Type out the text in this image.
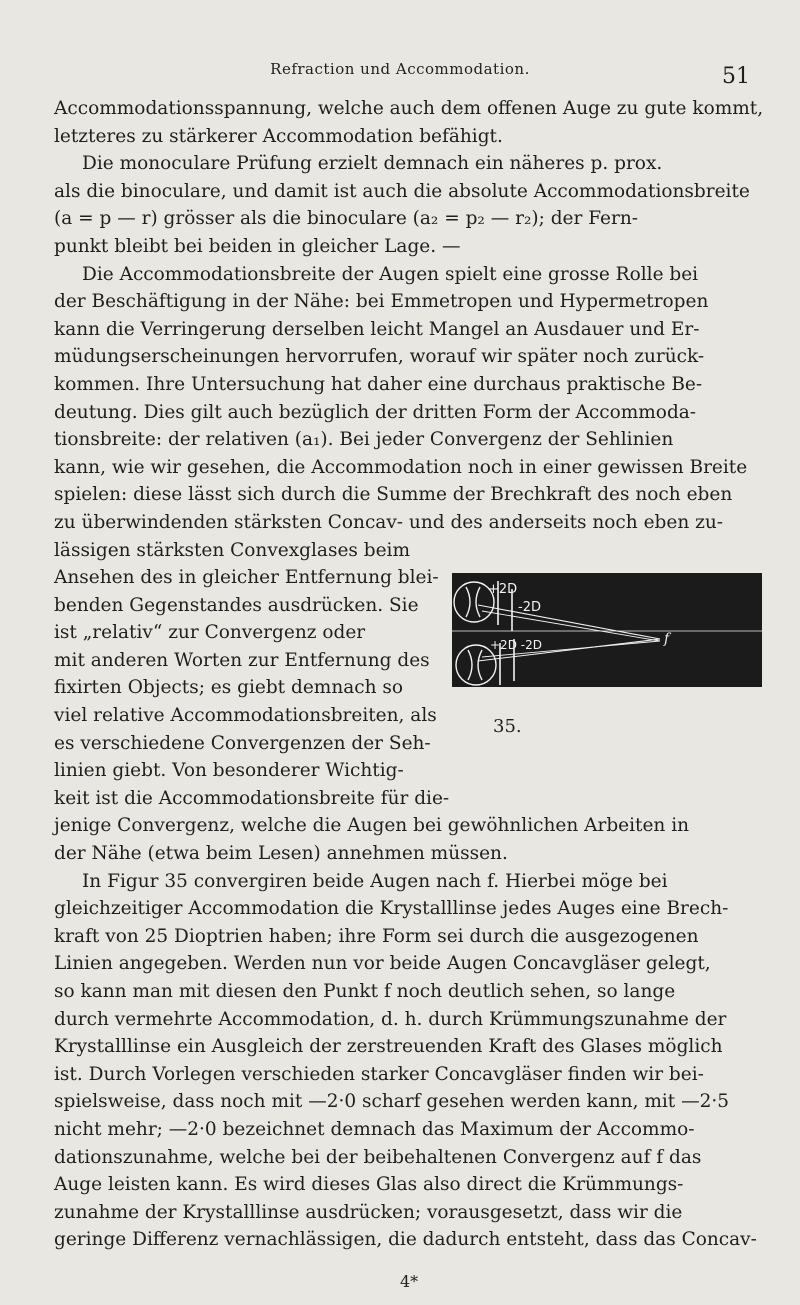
Refraction und Accommodation.	51
Accommodationsspannung, welche auch dem offenen Auge zu gute kommt,
letzteres zu stärkerer Accommodation befähigt.
Die monoculare Prüfung erzielt demnach ein näheres p. prox.
als die binoculare, und damit ist auch die absolute Accommodationsbreite
(a = p — r) grösser als die binoculare (a₂ = p₂ — r₂); der Fern-
punkt bleibt bei beiden in gleicher Lage. —
Die Accommodationsbreite der Augen spielt eine grosse Rolle bei
der Beschäftigung in der Nähe: bei Emmetropen und Hypermetropen
kann die Verringerung derselben leicht Mangel an Ausdauer und Er-
müdungserscheinungen hervorrufen, worauf wir später noch zurück-
kommen. Ihre Untersuchung hat daher eine durchaus praktische Be-
deutung. Dies gilt auch bezüglich der dritten Form der Accommoda-
tionsbreite: der relativen (a₁). Bei jeder Convergenz der Sehlinien
kann, wie wir gesehen, die Accommodation noch in einer gewissen Breite
spielen: diese lässt sich durch die Summe der Brechkraft des noch eben
zu überwindenden stärksten Concav- und des anderseits noch eben zu-
lässigen stärksten Convexglases beim
Ansehen des in gleicher Entfernung blei-
benden Gegenstandes ausdrücken. Sie
ist „relativ“ zur Convergenz oder
mit anderen Worten zur Entfernung des
fixirten Objects; es giebt demnach so
viel relative Accommodationsbreiten, als
es verschiedene Convergenzen der Seh-
linien giebt. Von besonderer Wichtig-
keit ist die Accommodationsbreite für die-
jenige Convergenz, welche die Augen bei gewöhnlichen Arbeiten in
der Nähe (etwa beim Lesen) annehmen müssen.
In Figur 35 convergiren beide Augen nach f. Hierbei möge bei
gleichzeitiger Accommodation die Krystalllinse jedes Auges eine Brech-
kraft von 25 Dioptrien haben; ihre Form sei durch die ausgezogenen
Linien angegeben. Werden nun vor beide Augen Concavgläser gelegt,
so kann man mit diesen den Punkt f noch deutlich sehen, so lange
durch vermehrte Accommodation, d. h. durch Krümmungszunahme der
Krystalllinse ein Ausgleich der zerstreuenden Kraft des Glases möglich
ist. Durch Vorlegen verschieden starker Concavgläser finden wir bei-
spielsweise, dass noch mit —2·0 scharf gesehen werden kann, mit —2·5
nicht mehr; —2·0 bezeichnet demnach das Maximum der Accommo-
dationszunahme, welche bei der beibehaltenen Convergenz auf f das
Auge leisten kann. Es wird dieses Glas also direct die Krümmungs-
zunahme der Krystalllinse ausdrücken; vorausgesetzt, dass wir die
geringe Differenz vernachlässigen, die dadurch entsteht, dass das Concav-
+2D
-2D
+2D -2D	f
35.
4*
